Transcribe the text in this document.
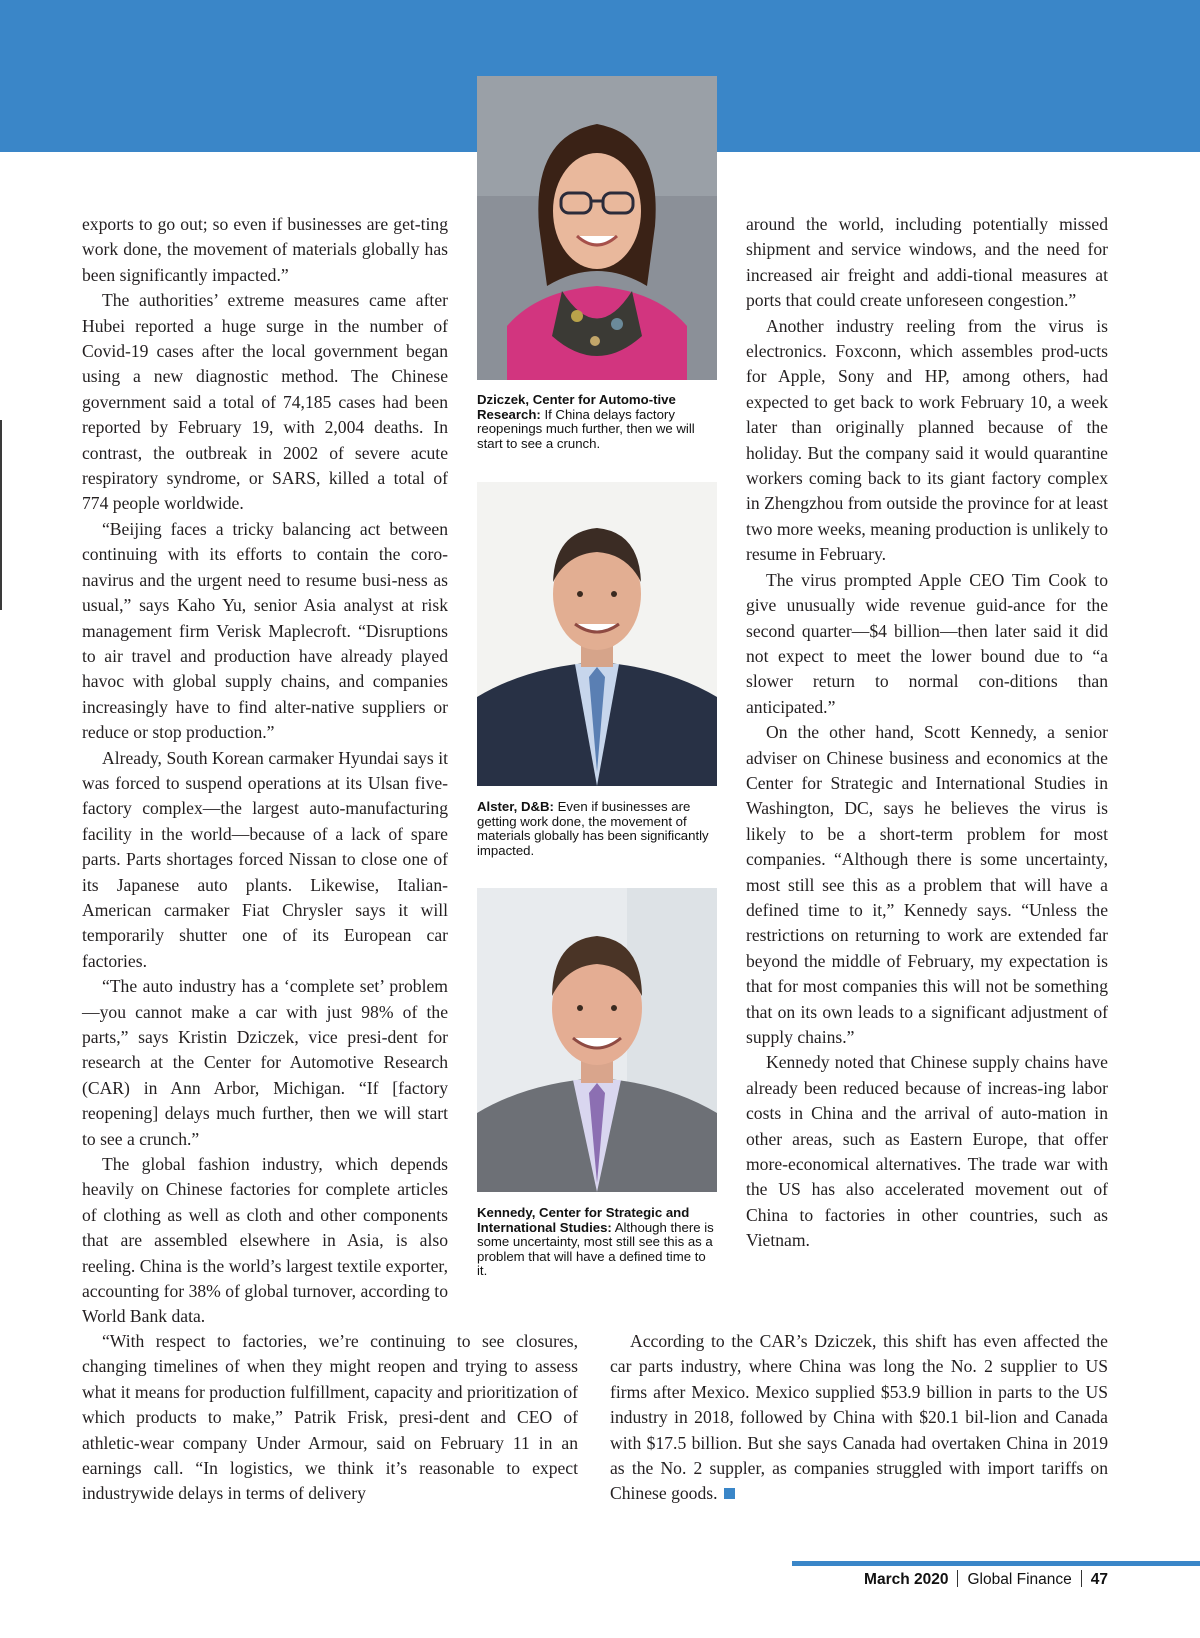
exports to go out; so even if businesses are get-ting work done, the movement of materials globally has been significantly impacted.”

The authorities’ extreme measures came after Hubei reported a huge surge in the number of Covid-19 cases after the local government began using a new diagnostic method. The Chinese government said a total of 74,185 cases had been reported by February 19, with 2,004 deaths. In contrast, the outbreak in 2002 of severe acute respiratory syndrome, or SARS, killed a total of 774 people worldwide.

“Beijing faces a tricky balancing act between continuing with its efforts to contain the coro-navirus and the urgent need to resume busi-ness as usual,” says Kaho Yu, senior Asia analyst at risk management firm Verisk Maplecroft. “Disruptions to air travel and production have already played havoc with global supply chains, and companies increasingly have to find alter-native suppliers or reduce or stop production.”

Already, South Korean carmaker Hyundai says it was forced to suspend operations at its Ulsan five-factory complex—the largest auto-manufacturing facility in the world—because of a lack of spare parts. Parts shortages forced Nissan to close one of its Japanese auto plants. Likewise, Italian-American carmaker Fiat Chrysler says it will temporarily shutter one of its European car factories.

“The auto industry has a ‘complete set’ problem—you cannot make a car with just 98% of the parts,” says Kristin Dziczek, vice presi-dent for research at the Center for Automotive Research (CAR) in Ann Arbor, Michigan. “If [factory reopening] delays much further, then we will start to see a crunch.”

The global fashion industry, which depends heavily on Chinese factories for complete articles of clothing as well as cloth and other components that are assembled elsewhere in Asia, is also reeling. China is the world’s largest textile exporter, accounting for 38% of global turnover, according to World Bank data.

Dziczek, Center for Automo-tive Research: If China delays factory reopenings much further, then we will start to see a crunch.
Alster, D&B: Even if businesses are getting work done, the movement of materials globally has been significantly impacted.
Kennedy, Center for Strategic and International Studies: Although there is some uncertainty, most still see this as a problem that will have a defined time to it.

around the world, including potentially missed shipment and service windows, and the need for increased air freight and addi-tional measures at ports that could create unforeseen congestion.”

Another industry reeling from the virus is electronics. Foxconn, which assembles prod-ucts for Apple, Sony and HP, among others, had expected to get back to work February 10, a week later than originally planned because of the holiday. But the company said it would quarantine workers coming back to its giant factory complex in Zhengzhou from outside the province for at least two more weeks, meaning production is unlikely to resume in February.

The virus prompted Apple CEO Tim Cook to give unusually wide revenue guid-ance for the second quarter—$4 billion—then later said it did not expect to meet the lower bound due to “a slower return to normal con-ditions than anticipated.”

On the other hand, Scott Kennedy, a senior adviser on Chinese business and economics at the Center for Strategic and International Studies in Washington, DC, says he believes the virus is likely to be a short-term problem for most companies. “Although there is some uncertainty, most still see this as a problem that will have a defined time to it,” Kennedy says. “Unless the restrictions on returning to work are extended far beyond the middle of February, my expectation is that for most companies this will not be something that on its own leads to a significant adjustment of supply chains.”

Kennedy noted that Chinese supply chains have already been reduced because of increas-ing labor costs in China and the arrival of auto-mation in other areas, such as Eastern Europe, that offer more-economical alternatives. The trade war with the US has also accelerated movement out of China to factories in other countries, such as Vietnam.

“With respect to factories, we’re continuing to see closures, changing timelines of when they might reopen and trying to assess what it means for production fulfillment, capacity and prioritization of which products to make,” Patrik Frisk, presi-dent and CEO of athletic-wear company Under Armour, said on February 11 in an earnings call. “In logistics, we think it’s reasonable to expect industrywide delays in terms of delivery

According to the CAR’s Dziczek, this shift has even affected the car parts industry, where China was long the No. 2 supplier to US firms after Mexico. Mexico supplied $53.9 billion in parts to the US industry in 2018, followed by China with $20.1 bil-lion and Canada with $17.5 billion. But she says Canada had overtaken China in 2019 as the No. 2 suppler, as companies struggled with import tariffs on Chinese goods.

March 2020 Global Finance 47
